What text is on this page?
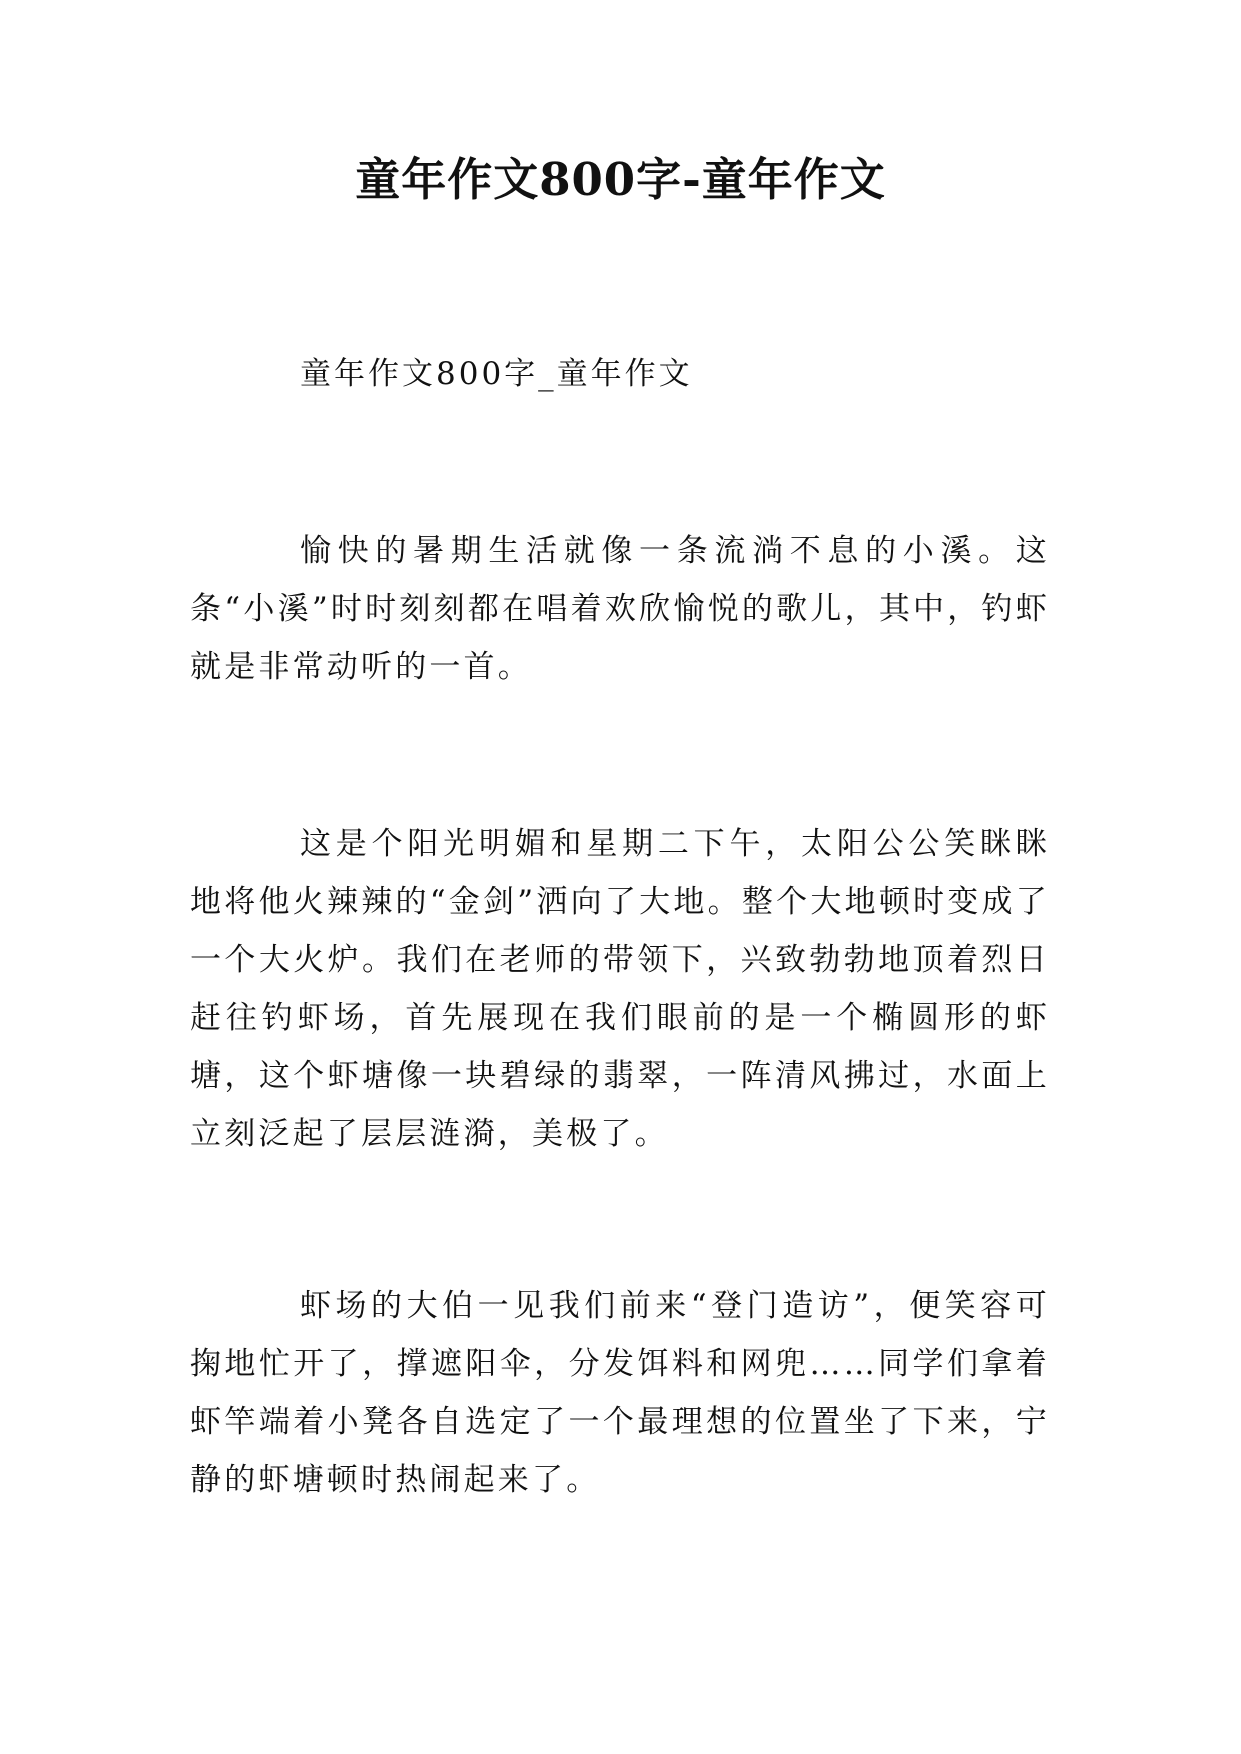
童年作文800字-童年作文

童年作文800字_童年作文

愉快的暑期生活就像一条流淌不息的小溪。这条“小溪”时时刻刻都在唱着欢欣愉悦的歌儿，其中，钓虾就是非常动听的一首。

这是个阳光明媚和星期二下午，太阳公公笑眯眯地将他火辣辣的“金剑”洒向了大地。整个大地顿时变成了一个大火炉。我们在老师的带领下，兴致勃勃地顶着烈日赶往钓虾场，首先展现在我们眼前的是一个椭圆形的虾塘，这个虾塘像一块碧绿的翡翠，一阵清风拂过，水面上立刻泛起了层层涟漪，美极了。

虾场的大伯一见我们前来“登门造访”，便笑容可掬地忙开了，撑遮阳伞，分发饵料和网兜……同学们拿着虾竿端着小凳各自选定了一个最理想的位置坐了下来，宁静的虾塘顿时热闹起来了。
